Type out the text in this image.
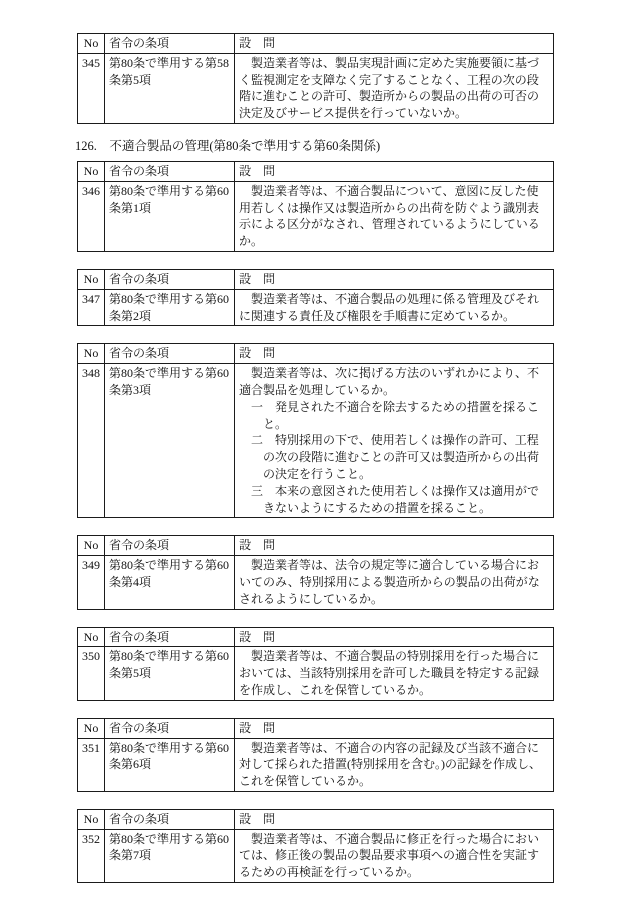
No	省令の条項	設　問
345	第80条で準用する第58条第5項	製造業者等は、製品実現計画に定めた実施要領に基づく監視測定を支障なく完了することなく、工程の次の段階に進むことの許可、製造所からの製品の出荷の可否の決定及びサービス提供を行っていないか。

126.　不適合製品の管理(第80条で準用する第60条関係)
No	省令の条項	設　問
346	第80条で準用する第60条第1項	製造業者等は、不適合製品について、意図に反した使用若しくは操作又は製造所からの出荷を防ぐよう識別表示による区分がなされ、管理されているようにしているか。

No	省令の条項	設　問
347	第80条で準用する第60条第2項	製造業者等は、不適合製品の処理に係る管理及びそれに関連する責任及び権限を手順書に定めているか。

No	省令の条項	設　問
348	第80条で準用する第60条第3項	製造業者等は、次に掲げる方法のいずれかにより、不適合製品を処理しているか。

一　発見された不適合を除去するための措置を採ること。

二　特別採用の下で、使用若しくは操作の許可、工程の次の段階に進むことの許可又は製造所からの出荷の決定を行うこと。

三　本来の意図された使用若しくは操作又は適用ができないようにするための措置を採ること。

No	省令の条項	設　問
349	第80条で準用する第60条第4項	製造業者等は、法令の規定等に適合している場合においてのみ、特別採用による製造所からの製品の出荷がなされるようにしているか。

No	省令の条項	設　問
350	第80条で準用する第60条第5項	製造業者等は、不適合製品の特別採用を行った場合においては、当該特別採用を許可した職員を特定する記録を作成し、これを保管しているか。

No	省令の条項	設　問
351	第80条で準用する第60条第6項	製造業者等は、不適合の内容の記録及び当該不適合に対して採られた措置(特別採用を含む。)の記録を作成し、これを保管しているか。

No	省令の条項	設　問
352	第80条で準用する第60条第7項	製造業者等は、不適合製品に修正を行った場合においては、修正後の製品の製品要求事項への適合性を実証するための再検証を行っているか。
